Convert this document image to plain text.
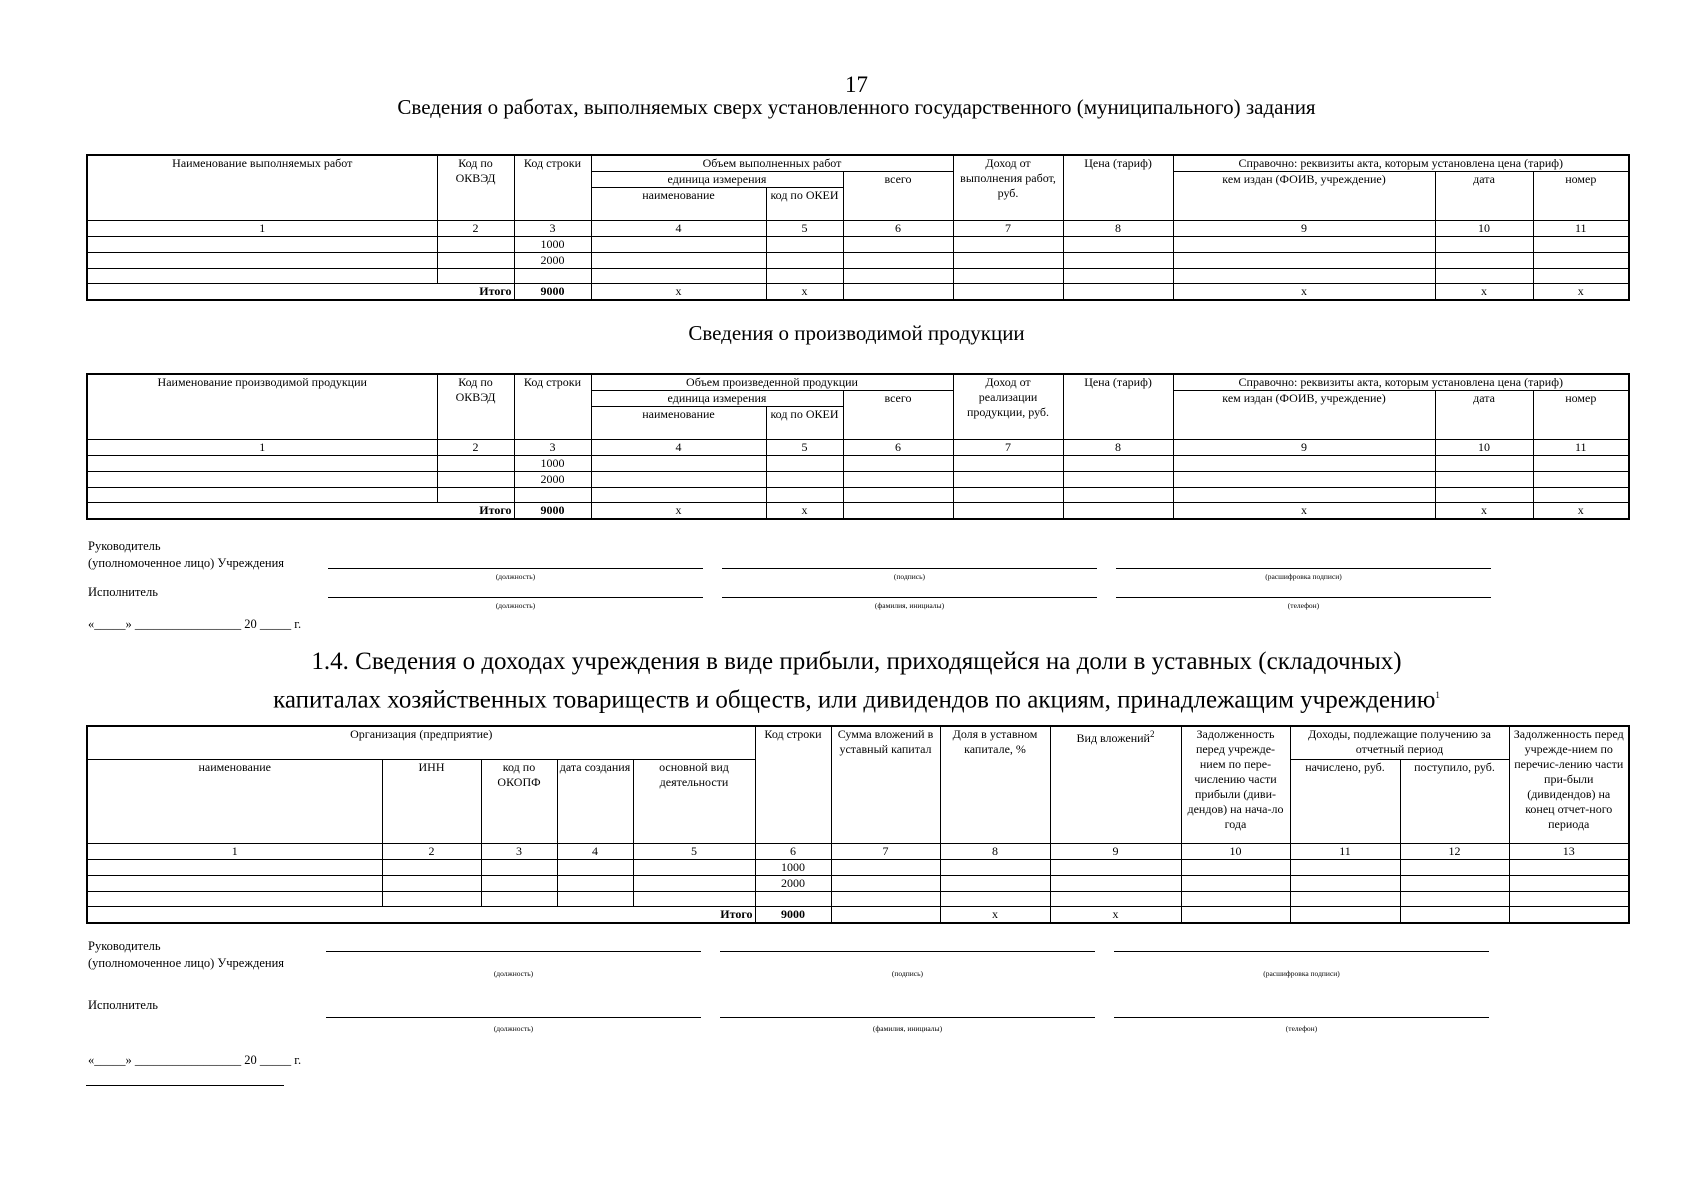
17
Сведения о работах, выполняемых сверх установленного государственного (муниципального) задания
Наименование выполняемых работ	Код по ОКВЭД	Код строки	Объем выполненных работ			Доход от выполнения работ, руб.	Цена (тариф)	Справочно: реквизиты акта, которым установлена цена (тариф)		
			единица измерения		всего			кем издан (ФОИВ, учреждение)	дата	номер
			наименование	код по ОКЕИ						
1	2	3	4	5	6	7	8	9	10	11
		1000								
		2000								

Итого		9000	x	x				x	x	x
Сведения о производимой продукции
Наименование производимой продукции	Код по ОКВЭД	Код строки	Объем произведенной продукции			Доход от реализации продукции, руб.	Цена (тариф)	Справочно: реквизиты акта, которым установлена цена (тариф)		
			единица измерения		всего			кем издан (ФОИВ, учреждение)	дата	номер
			наименование	код по ОКЕИ						
1	2	3	4	5	6	7	8	9	10	11
		1000								
		2000								

Итого		9000	x	x				x	x	x
Руководитель
(уполномоченное лицо) Учреждения
(должность)	(подпись)	(расшифровка подписи)
Исполнитель
(должность)	(фамилия, инициалы)	(телефон)
«_____» _________________ 20 _____ г.
1.4. Сведения о доходах учреждения в виде прибыли, приходящейся на доли в уставных (складочных)
капиталах хозяйственных товариществ и обществ, или дивидендов по акциям, принадлежащим учреждению$^1$
Организация (предприятие)					Код строки	Сумма вложений в уставный капитал	Доля в уставном капитале, %	Вид вложений$^2$	Задолженность перед учрежде-нием по пере-числению части прибыли (диви-дендов) на нача-ло года	Доходы, подлежащие получению за отчетный период		Задолженность перед учрежде-нием по перечис-лению части при-были (дивидендов) на конец отчет-ного периода
наименование	ИНН	код по ОКОПФ	дата создания	основной вид деятельности						начислено, руб.	поступило, руб.	
1	2	3	4	5	6	7	8	9	10	11	12	13
					1000							
					2000							

Итого					9000		x	x				
Руководитель
(уполномоченное лицо) Учреждения
(должность)	(подпись)	(расшифровка подписи)
Исполнитель
(должность)	(фамилия, инициалы)	(телефон)
«_____» _________________ 20 _____ г.
